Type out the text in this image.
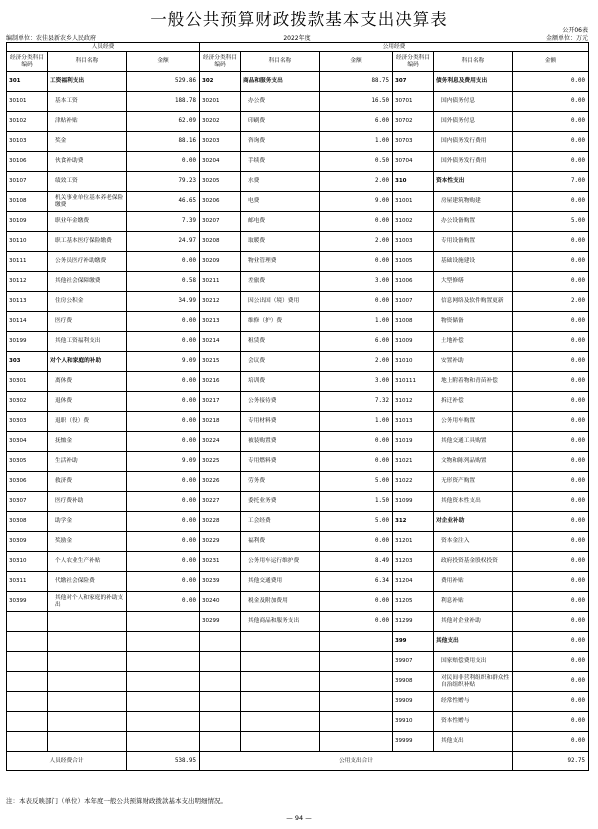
一般公共预算财政拨款基本支出决算表
公开06表
编制单位：农佳县新农乡人民政府	2022年度	金额单位：万元
人员经费			公用经费					
经济分类科目编码	科目名称	金额	经济分类科目编码	科目名称	金额	经济分类科目编码	科目名称	金额
301	工资福利支出	529.86	302	商品和服务支出	88.75	307	债务利息及费用支出	0.00
30101	基本工资	188.78	30201	办公费	16.50	30701	国内债务付息	0.00
30102	津贴补贴	62.09	30202	印刷费	6.00	30702	国外债务付息	0.00
30103	奖金	88.16	30203	咨询费	1.00	30703	国内债务发行费用	0.00
30106	伙食补助费	0.00	30204	手续费	0.50	30704	国外债务发行费用	0.00
30107	绩效工资	79.23	30205	水费	2.00	310	资本性支出	7.00
30108	机关事业单位基本养老保险缴费	46.65	30206	电费	9.00	31001	房屋建筑物购建	0.00
30109	职业年金缴费	7.39	30207	邮电费	0.00	31002	办公设备购置	5.00
30110	职工基本医疗保险缴费	24.97	30208	取暖费	2.00	31003	专用设备购置	0.00
30111	公务员医疗补助缴费	0.00	30209	物业管理费	0.00	31005	基础设施建设	0.00
30112	其他社会保障缴费	0.58	30211	差旅费	3.00	31006	大型修缮	0.00
30113	住房公积金	34.99	30212	因公出国（境）费用	0.00	31007	信息网络及软件购置更新	2.00
30114	医疗费	0.00	30213	维修（护）费	1.00	31008	物资储备	0.00
30199	其他工资福利支出	0.00	30214	租赁费	6.00	31009	土地补偿	0.00
303	对个人和家庭的补助	9.09	30215	会议费	2.00	31010	安置补助	0.00
30301	离休费	0.00	30216	培训费	3.00	310111	地上附着物和青苗补偿	0.00
30302	退休费	0.00	30217	公务接待费	7.32	31012	拆迁补偿	0.00
30303	退职（役）费	0.00	30218	专用材料费	1.00	31013	公务用车购置	0.00
30304	抚恤金	0.00	30224	被装购置费	0.00	31019	其他交通工具购置	0.00
30305	生活补助	9.09	30225	专用燃料费	0.00	31021	文物和陈列品购置	0.00
30306	救济费	0.00	30226	劳务费	5.00	31022	无形资产购置	0.00
30307	医疗费补助	0.00	30227	委托业务费	1.50	31099	其他资本性支出	0.00
30308	助学金	0.00	30228	工会经费	5.00	312	对企业补助	0.00
30309	奖励金	0.00	30229	福利费	0.00	31201	资本金注入	0.00
30310	个人农业生产补贴	0.00	30231	公务用车运行维护费	8.49	31203	政府投资基金股权投资	0.00
30311	代缴社会保险费	0.00	30239	其他交通费用	6.34	31204	费用补贴	0.00
30399	其他对个人和家庭的补助支出	0.00	30240	税金及附加费用	0.00	31205	利息补贴	0.00
			30299	其他商品和服务支出	0.00	31299	其他对企业补助	0.00
						399	其他支出	0.00
						39907	国家赔偿费用支出	0.00
						39908	对民间非营利组织和群众性自治组织补贴	0.00
						39909	经常性赠与	0.00
						39910	资本性赠与	0.00
						39999	其他支出	0.00
人员经费合计		538.95	公用支出合计					92.75
注：本表反映部门（单位）本年度一般公共预算财政拨款基本支出明细情况。
— 94 —
